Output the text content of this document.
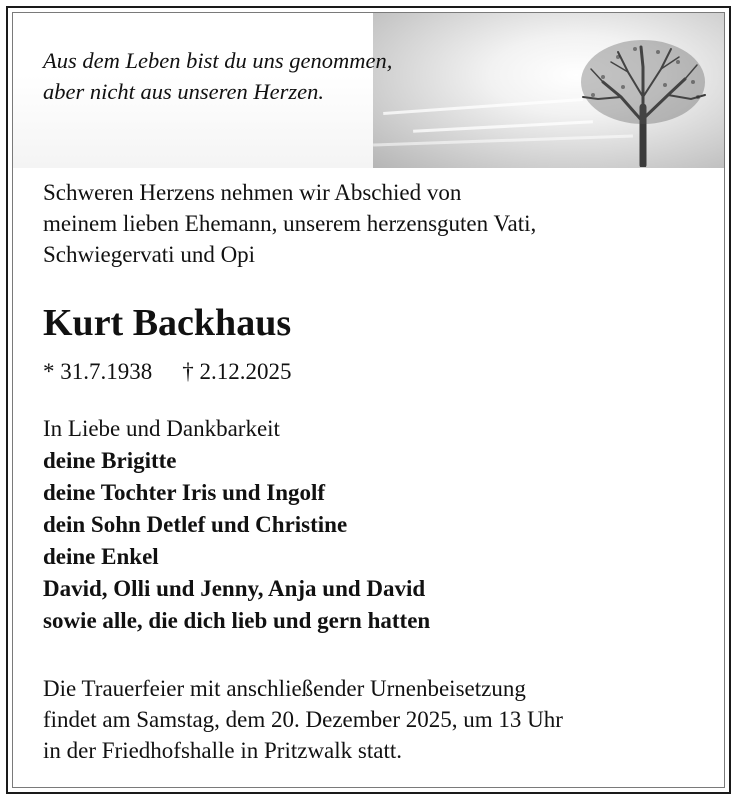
Aus dem Leben bist du uns genommen,
aber nicht aus unseren Herzen.
Schweren Herzens nehmen wir Abschied von
meinem lieben Ehemann, unserem herzensguten Vati,
Schwiegervati und Opi
Kurt Backhaus

* 31.7.1938 † 2.12.2025

In Liebe und Dankbarkeit
deine Brigitte
deine Tochter Iris und Ingolf
dein Sohn Detlef und Christine
deine Enkel
David, Olli und Jenny, Anja und David
sowie alle, die dich lieb und gern hatten
Die Trauerfeier mit anschließender Urnenbeisetzung
findet am Samstag, dem 20. Dezember 2025, um 13 Uhr
in der Friedhofshalle in Pritzwalk statt.
